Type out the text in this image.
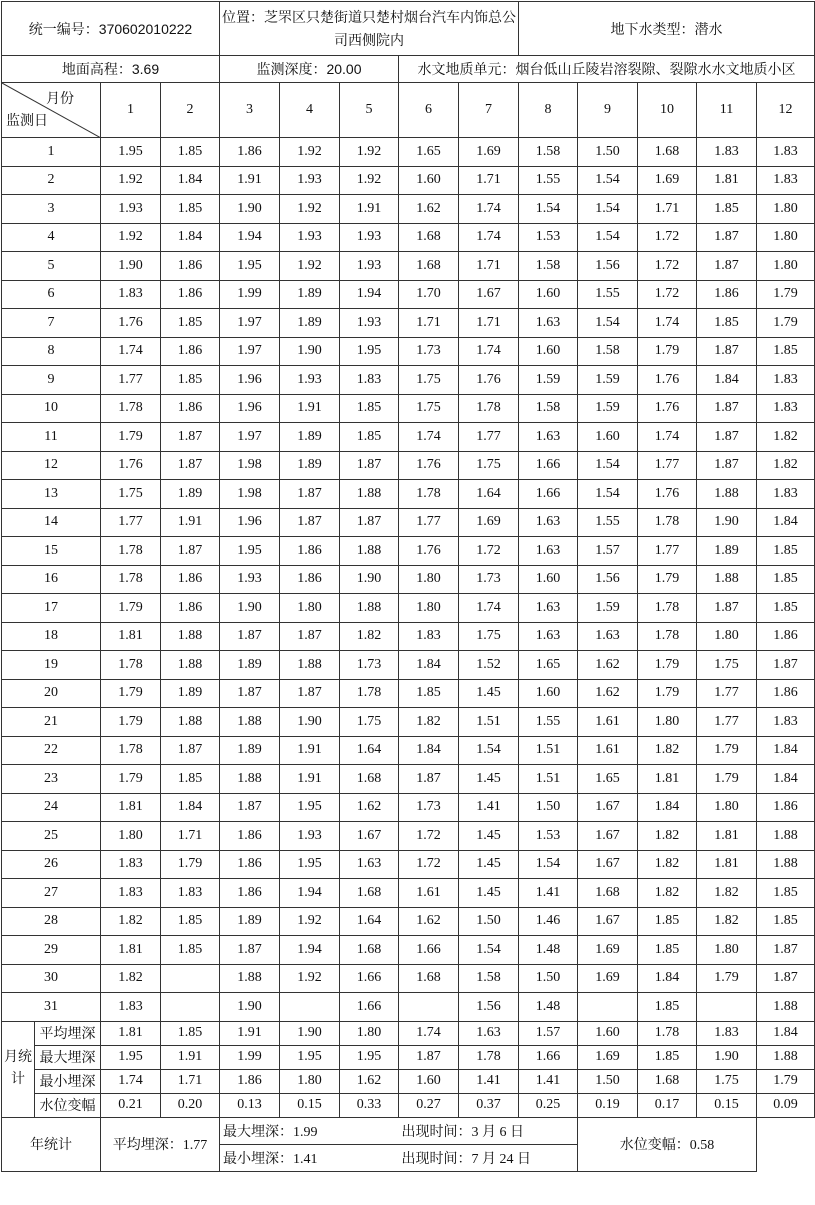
统一编号：370602010222				位置：芝罘区只楚街道只楚村烟台汽车内饰总公司西侧院内					地下水类型：潜水				
地面高程：3.69				监测深度：20.00			水文地质单元：烟台低山丘陵岩溶裂隙、裂隙水水文地质小区						

月份
监测日		1	2	3	4	5	6	7	8	9	10	11	12
1		1.95	1.85	1.86	1.92	1.92	1.65	1.69	1.58	1.50	1.68	1.83	1.83
2		1.92	1.84	1.91	1.93	1.92	1.60	1.71	1.55	1.54	1.69	1.81	1.83
3		1.93	1.85	1.90	1.92	1.91	1.62	1.74	1.54	1.54	1.71	1.85	1.80
4		1.92	1.84	1.94	1.93	1.93	1.68	1.74	1.53	1.54	1.72	1.87	1.80
5		1.90	1.86	1.95	1.92	1.93	1.68	1.71	1.58	1.56	1.72	1.87	1.80
6		1.83	1.86	1.99	1.89	1.94	1.70	1.67	1.60	1.55	1.72	1.86	1.79
7		1.76	1.85	1.97	1.89	1.93	1.71	1.71	1.63	1.54	1.74	1.85	1.79
8		1.74	1.86	1.97	1.90	1.95	1.73	1.74	1.60	1.58	1.79	1.87	1.85
9		1.77	1.85	1.96	1.93	1.83	1.75	1.76	1.59	1.59	1.76	1.84	1.83
10		1.78	1.86	1.96	1.91	1.85	1.75	1.78	1.58	1.59	1.76	1.87	1.83
11		1.79	1.87	1.97	1.89	1.85	1.74	1.77	1.63	1.60	1.74	1.87	1.82
12		1.76	1.87	1.98	1.89	1.87	1.76	1.75	1.66	1.54	1.77	1.87	1.82
13		1.75	1.89	1.98	1.87	1.88	1.78	1.64	1.66	1.54	1.76	1.88	1.83
14		1.77	1.91	1.96	1.87	1.87	1.77	1.69	1.63	1.55	1.78	1.90	1.84
15		1.78	1.87	1.95	1.86	1.88	1.76	1.72	1.63	1.57	1.77	1.89	1.85
16		1.78	1.86	1.93	1.86	1.90	1.80	1.73	1.60	1.56	1.79	1.88	1.85
17		1.79	1.86	1.90	1.80	1.88	1.80	1.74	1.63	1.59	1.78	1.87	1.85
18		1.81	1.88	1.87	1.87	1.82	1.83	1.75	1.63	1.63	1.78	1.80	1.86
19		1.78	1.88	1.89	1.88	1.73	1.84	1.52	1.65	1.62	1.79	1.75	1.87
20		1.79	1.89	1.87	1.87	1.78	1.85	1.45	1.60	1.62	1.79	1.77	1.86
21		1.79	1.88	1.88	1.90	1.75	1.82	1.51	1.55	1.61	1.80	1.77	1.83
22		1.78	1.87	1.89	1.91	1.64	1.84	1.54	1.51	1.61	1.82	1.79	1.84
23		1.79	1.85	1.88	1.91	1.68	1.87	1.45	1.51	1.65	1.81	1.79	1.84
24		1.81	1.84	1.87	1.95	1.62	1.73	1.41	1.50	1.67	1.84	1.80	1.86
25		1.80	1.71	1.86	1.93	1.67	1.72	1.45	1.53	1.67	1.82	1.81	1.88
26		1.83	1.79	1.86	1.95	1.63	1.72	1.45	1.54	1.67	1.82	1.81	1.88
27		1.83	1.83	1.86	1.94	1.68	1.61	1.45	1.41	1.68	1.82	1.82	1.85
28		1.82	1.85	1.89	1.92	1.64	1.62	1.50	1.46	1.67	1.85	1.82	1.85
29		1.81	1.85	1.87	1.94	1.68	1.66	1.54	1.48	1.69	1.85	1.80	1.87
30		1.82		1.88	1.92	1.66	1.68	1.58	1.50	1.69	1.84	1.79	1.87
31		1.83		1.90		1.66		1.56	1.48		1.85		1.88
月统计	平均埋深	1.81	1.85	1.91	1.90	1.80	1.74	1.63	1.57	1.60	1.78	1.83	1.84
	最大埋深	1.95	1.91	1.99	1.95	1.95	1.87	1.78	1.66	1.69	1.85	1.90	1.88
	最小埋深	1.74	1.71	1.86	1.80	1.62	1.60	1.41	1.41	1.50	1.68	1.75	1.79
	水位变幅	0.21	0.20	0.13	0.15	0.33	0.27	0.37	0.25	0.19	0.17	0.15	0.09
年统计		平均埋深：1.77		最大埋深：1.99			出现时间：3 月 6 日			水位变幅：0.58			
				最小埋深：1.41			出现时间：7 月 24 日						
